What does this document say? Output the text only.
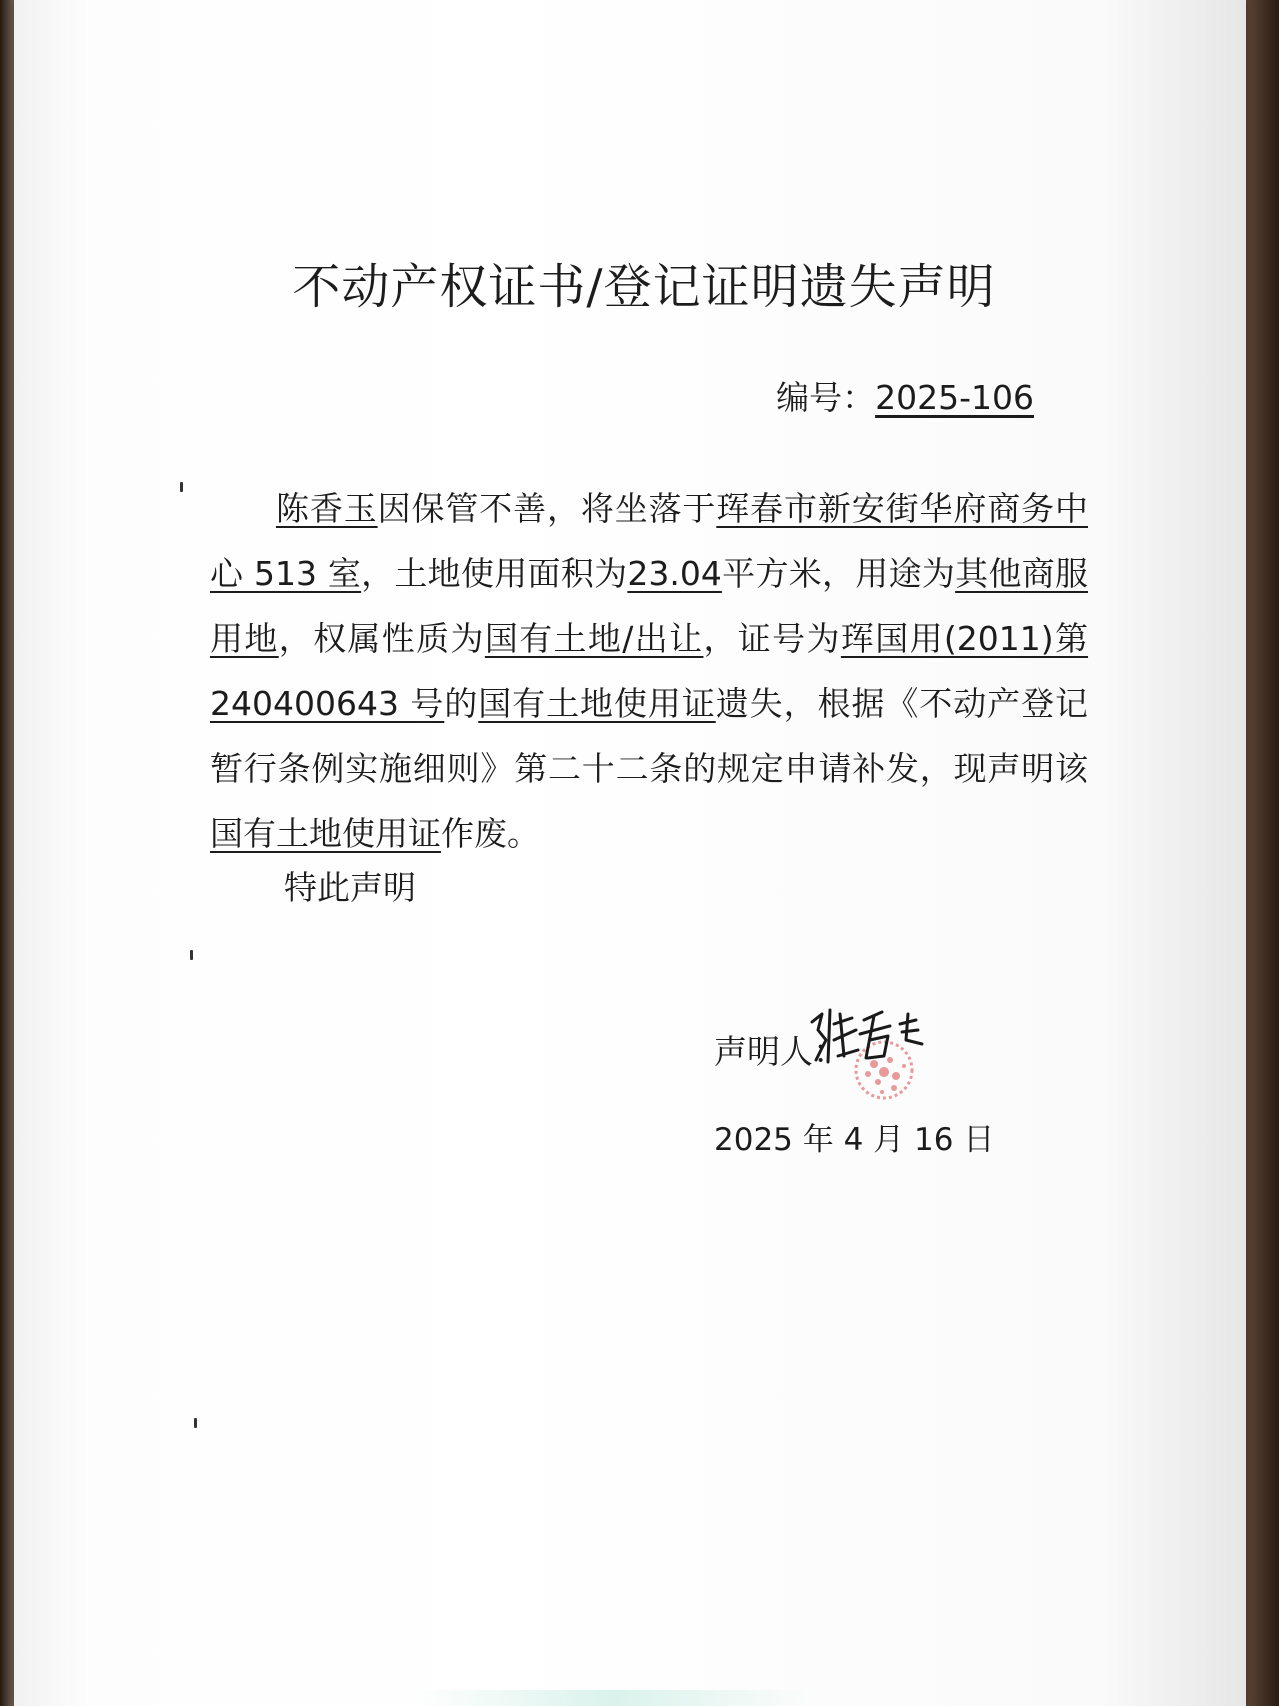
不动产权证书/登记证明遗失声明
编号：2025-106
陈香玉因保管不善，将坐落于珲春市新安街华府商务中心 513 室，土地使用面积为23.04平方米，用途为其他商服用地，权属性质为国有土地/出让，证号为珲国用(2011)第 240400643 号的国有土地使用证遗失，根据《不动产登记暂行条例实施细则》第二十二条的规定申请补发，现声明该国有土地使用证作废。
特此声明
声明人：
2025 年 4 月 16 日
